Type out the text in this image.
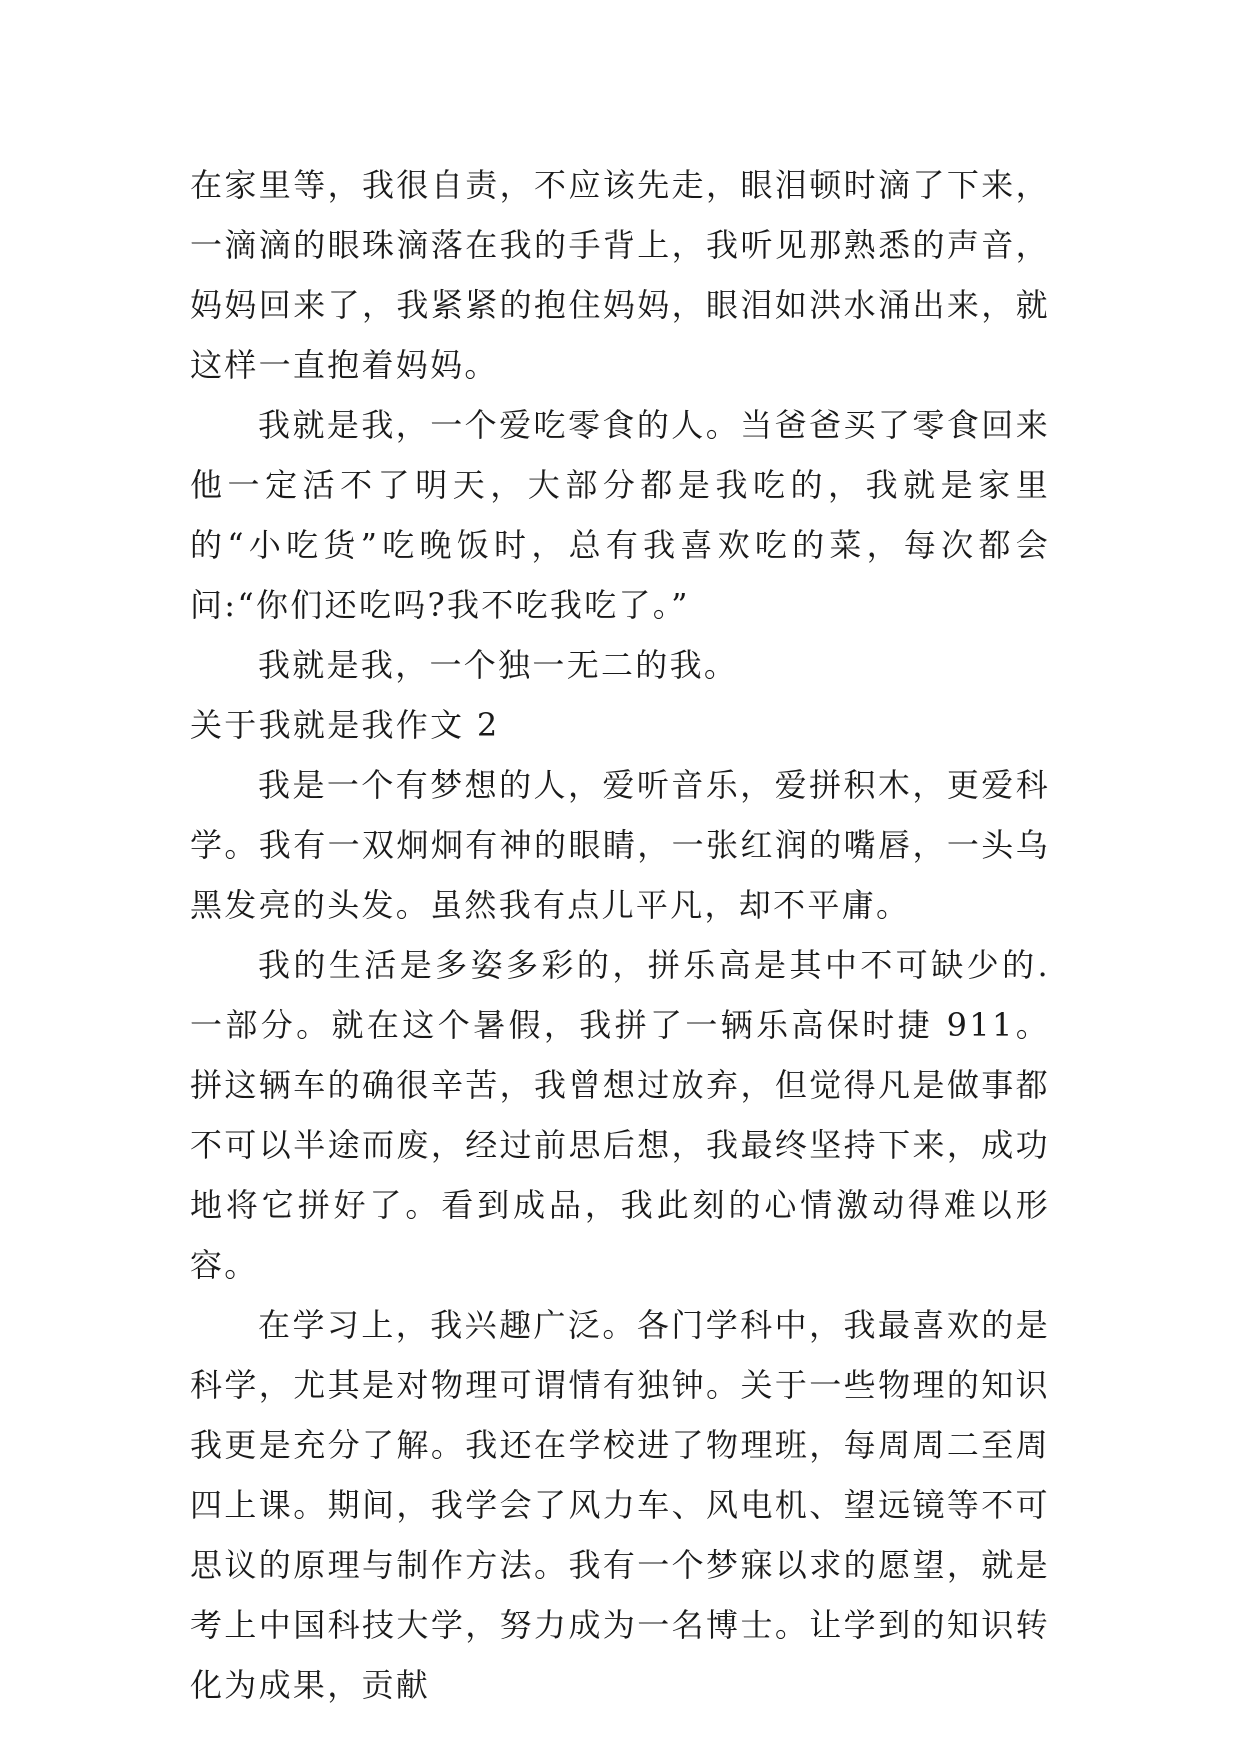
在家里等，我很自责，不应该先走，眼泪顿时滴了下来，一滴滴的眼珠滴落在我的手背上，我听见那熟悉的声音，妈妈回来了，我紧紧的抱住妈妈，眼泪如洪水涌出来，就这样一直抱着妈妈。

我就是我，一个爱吃零食的人。当爸爸买了零食回来他一定活不了明天，大部分都是我吃的，我就是家里的“小吃货”吃晚饭时，总有我喜欢吃的菜，每次都会问:“你们还吃吗?我不吃我吃了。”

我就是我，一个独一无二的我。

关于我就是我作文 2

我是一个有梦想的人，爱听音乐，爱拼积木，更爱科学。我有一双炯炯有神的眼睛，一张红润的嘴唇，一头乌黑发亮的头发。虽然我有点儿平凡，却不平庸。

我的生活是多姿多彩的，拼乐高是其中不可缺少的.一部分。就在这个暑假，我拼了一辆乐高保时捷 911。拼这辆车的确很辛苦，我曾想过放弃，但觉得凡是做事都不可以半途而废，经过前思后想，我最终坚持下来，成功地将它拼好了。看到成品，我此刻的心情激动得难以形容。

在学习上，我兴趣广泛。各门学科中，我最喜欢的是科学，尤其是对物理可谓情有独钟。关于一些物理的知识我更是充分了解。我还在学校进了物理班，每周周二至周四上课。期间，我学会了风力车、风电机、望远镜等不可思议的原理与制作方法。我有一个梦寐以求的愿望，就是考上中国科技大学，努力成为一名博士。让学到的知识转化为成果，贡献
